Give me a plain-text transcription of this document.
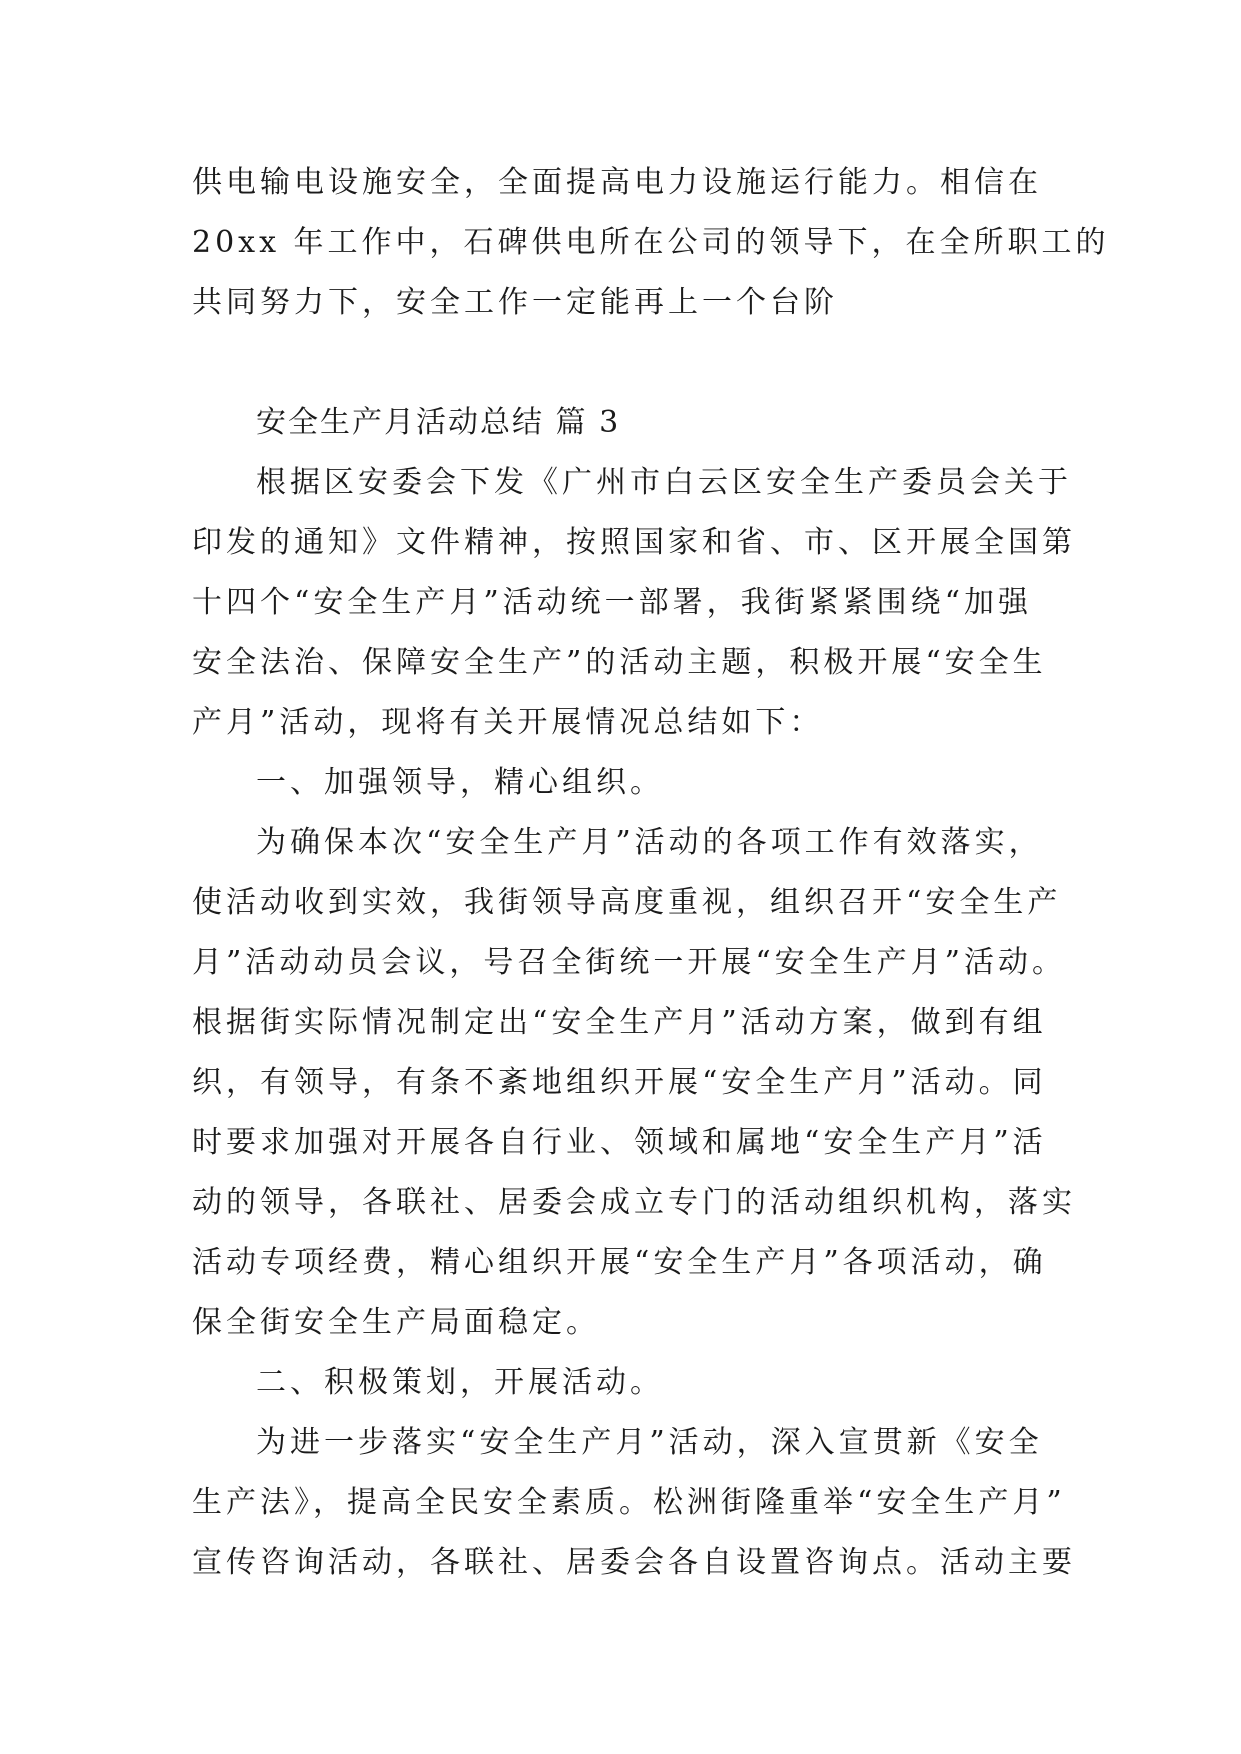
供电输电设施安全，全面提高电力设施运行能力。相信在
20xx 年工作中，石碑供电所在公司的领导下，在全所职工的
共同努力下，安全工作一定能再上一个台阶
安全生产月活动总结 篇 3
根据区安委会下发《广州市白云区安全生产委员会关于
印发的通知》文件精神，按照国家和省、市、区开展全国第
十四个“安全生产月”活动统一部署，我街紧紧围绕“加强
安全法治、保障安全生产”的活动主题，积极开展“安全生
产月”活动，现将有关开展情况总结如下：
一、加强领导，精心组织。
为确保本次“安全生产月”活动的各项工作有效落实，
使活动收到实效，我街领导高度重视，组织召开“安全生产
月”活动动员会议，号召全街统一开展“安全生产月”活动。
根据街实际情况制定出“安全生产月”活动方案，做到有组
织，有领导，有条不紊地组织开展“安全生产月”活动。同
时要求加强对开展各自行业、领域和属地“安全生产月”活
动的领导，各联社、居委会成立专门的活动组织机构，落实
活动专项经费，精心组织开展“安全生产月”各项活动，确
保全街安全生产局面稳定。
二、积极策划，开展活动。
为进一步落实“安全生产月”活动，深入宣贯新《安全
生产法》，提高全民安全素质。松洲街隆重举“安全生产月”
宣传咨询活动，各联社、居委会各自设置咨询点。活动主要
